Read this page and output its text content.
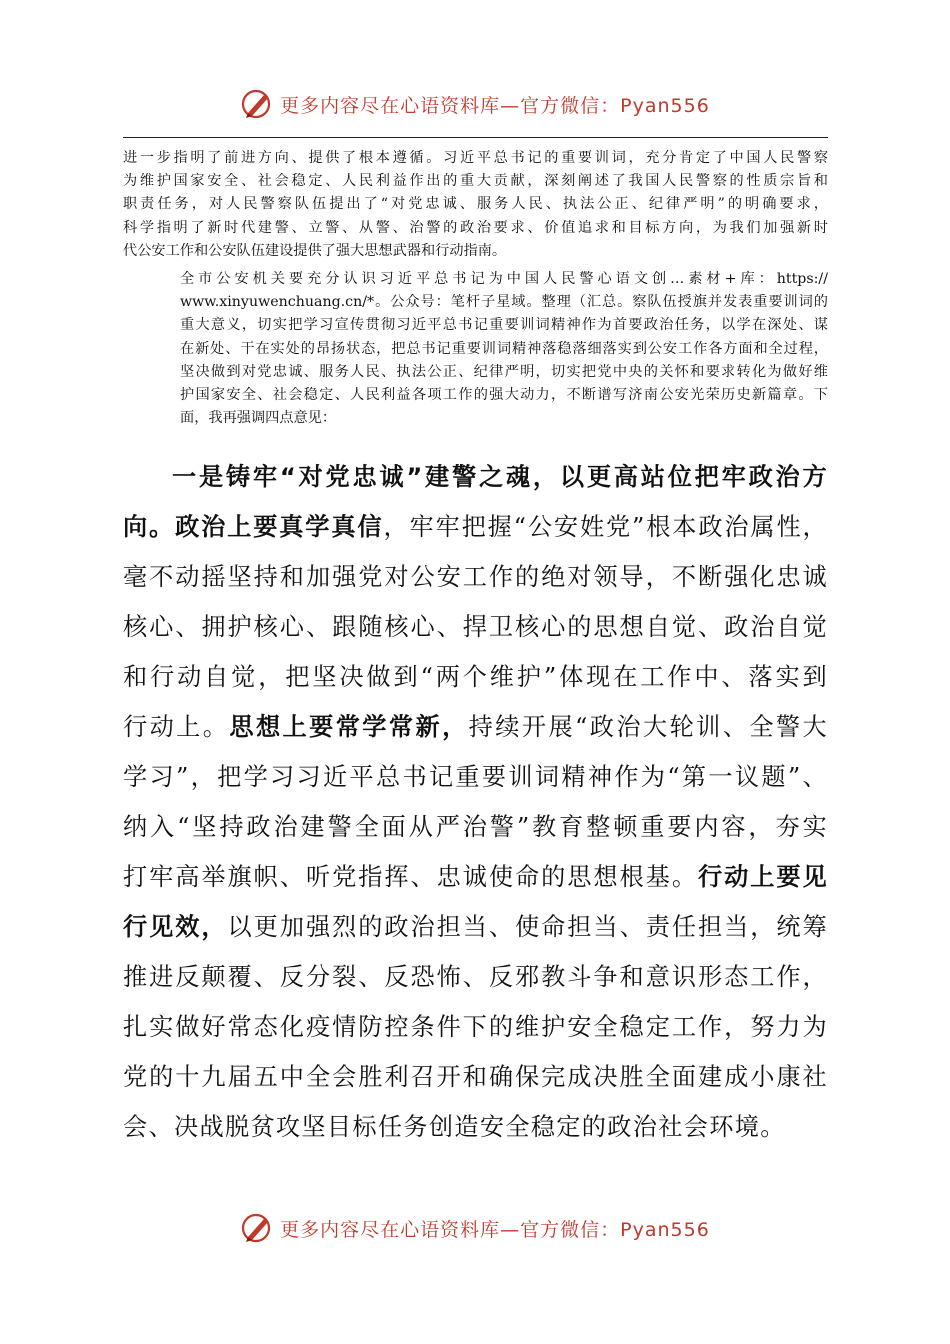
更多内容尽在心语资料库—官方微信：Pyan556
进一步指明了前进方向、提供了根本遵循。习近平总书记的重要训词，充分肯定了中国人民警察
为维护国家安全、社会稳定、人民利益作出的重大贡献，深刻阐述了我国人民警察的性质宗旨和
职责任务，对人民警察队伍提出了“对党忠诚、服务人民、执法公正、纪律严明”的明确要求，
科学指明了新时代建警、立警、从警、治警的政治要求、价值追求和目标方向，为我们加强新时
代公安工作和公安队伍建设提供了强大思想武器和行动指南。
全市公安机关要充分认识习近平总书记为中国人民警心语文创…素材+库：https://
www.xinyuwenchuang.cn/*。公众号：笔杆子星域。整理（汇总。察队伍授旗并发表重要训词的
重大意义，切实把学习宣传贯彻习近平总书记重要训词精神作为首要政治任务，以学在深处、谋
在新处、干在实处的昂扬状态，把总书记重要训词精神落稳落细落实到公安工作各方面和全过程，
坚决做到对党忠诚、服务人民、执法公正、纪律严明，切实把党中央的关怀和要求转化为做好维
护国家安全、社会稳定、人民利益各项工作的强大动力，不断谱写济南公安光荣历史新篇章。下
面，我再强调四点意见：
一是铸牢“对党忠诚”建警之魂，以更高站位把牢政治方
向。政治上要真学真信，牢牢把握“公安姓党”根本政治属性，
毫不动摇坚持和加强党对公安工作的绝对领导，不断强化忠诚
核心、拥护核心、跟随核心、捍卫核心的思想自觉、政治自觉
和行动自觉，把坚决做到“两个维护”体现在工作中、落实到
行动上。思想上要常学常新，持续开展“政治大轮训、全警大
学习”，把学习习近平总书记重要训词精神作为“第一议题”、
纳入“坚持政治建警全面从严治警”教育整顿重要内容，夯实
打牢高举旗帜、听党指挥、忠诚使命的思想根基。行动上要见
行见效，以更加强烈的政治担当、使命担当、责任担当，统筹
推进反颠覆、反分裂、反恐怖、反邪教斗争和意识形态工作，
扎实做好常态化疫情防控条件下的维护安全稳定工作，努力为
党的十九届五中全会胜利召开和确保完成决胜全面建成小康社
会、决战脱贫攻坚目标任务创造安全稳定的政治社会环境。
更多内容尽在心语资料库—官方微信：Pyan556
